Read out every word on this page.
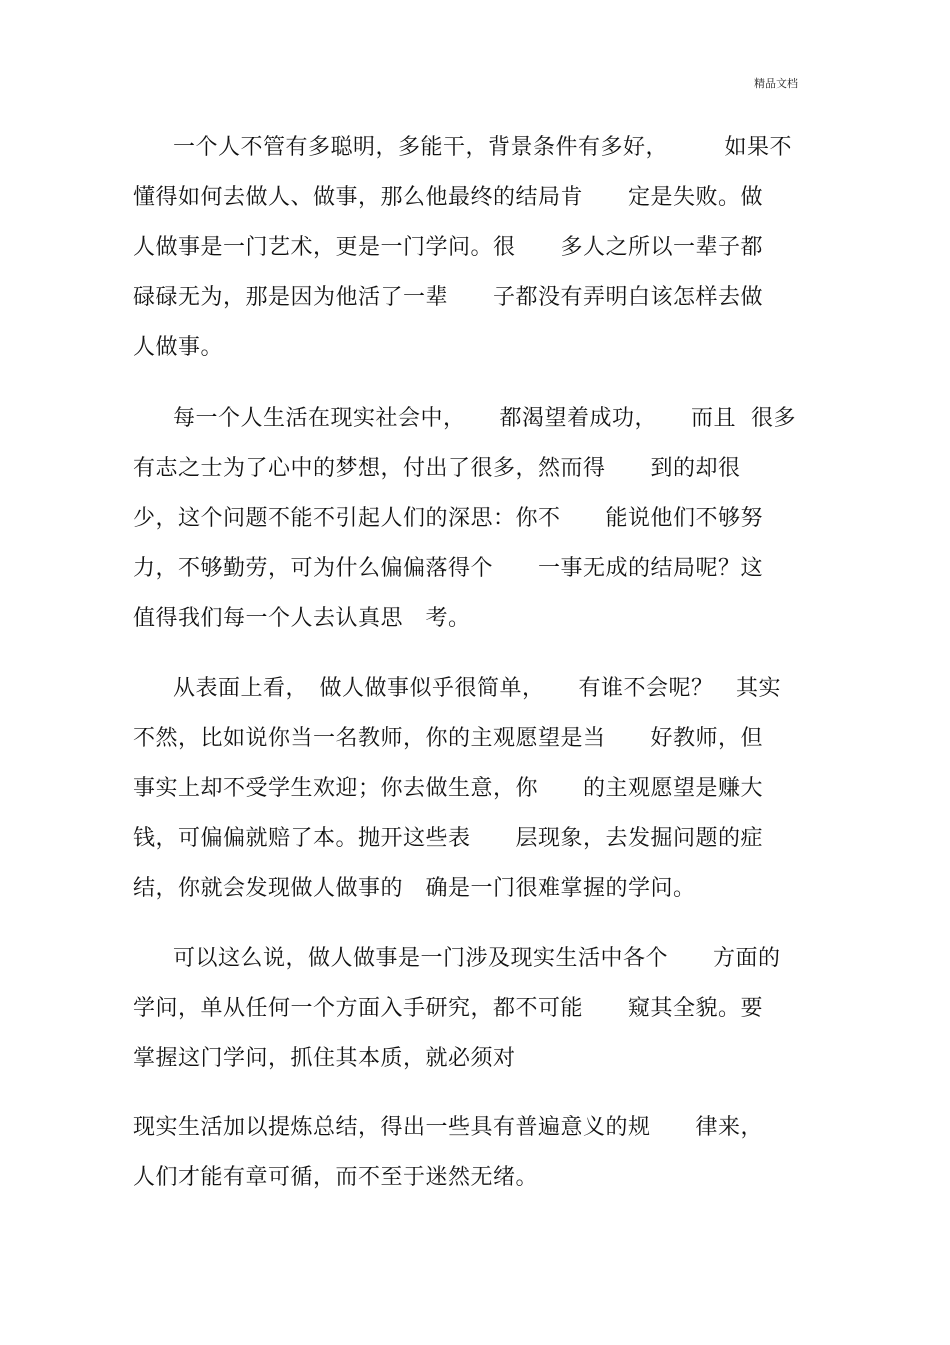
精品文档
一个人不管有多聪明，多能干，背景条件有多好，　　　如果不
懂得如何去做人、做事，那么他最终的结局肯　　定是失败。做
人做事是一门艺术，更是一门学问。很　　多人之所以一辈子都
碌碌无为，那是因为他活了一辈　　子都没有弄明白该怎样去做
人做事。
每一个人生活在现实社会中，　　都渴望着成功，　　而且  很多
有志之士为了心中的梦想，付出了很多，然而得　　到的却很
少，这个问题不能不引起人们的深思：你不　　能说他们不够努
力，不够勤劳，可为什么偏偏落得个　　一事无成的结局呢？这
值得我们每一个人去认真思　考。
从表面上看，　做人做事似乎很简单，　　有谁不会呢？　其实
不然，比如说你当一名教师，你的主观愿望是当　　好教师，但
事实上却不受学生欢迎；你去做生意，你　　的主观愿望是赚大
钱，可偏偏就赔了本。抛开这些表　　层现象，去发掘问题的症
结，你就会发现做人做事的　确是一门很难掌握的学问。
可以这么说，做人做事是一门涉及现实生活中各个　　方面的
学问，单从任何一个方面入手研究，都不可能　　窥其全貌。要
掌握这门学问，抓住其本质，就必须对
现实生活加以提炼总结，得出一些具有普遍意义的规　　律来，
人们才能有章可循，而不至于迷然无绪。
